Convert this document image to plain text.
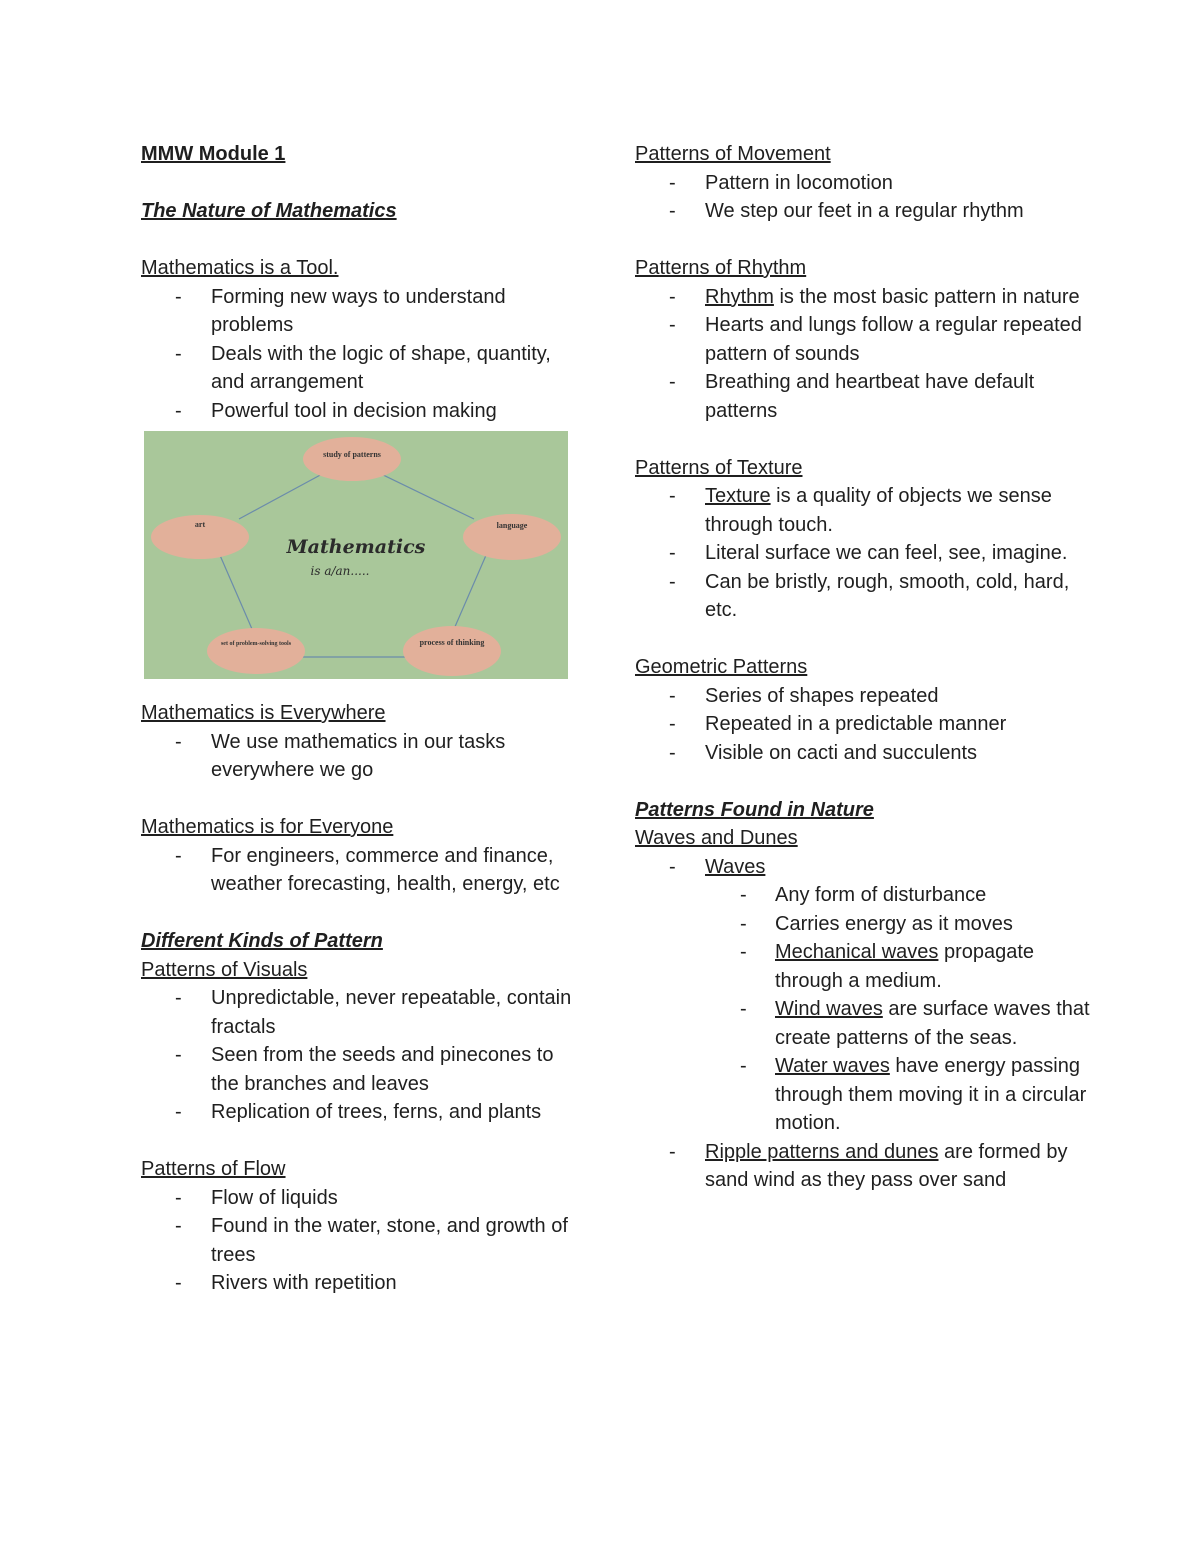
MMW Module 1
The Nature of Mathematics
Mathematics is a Tool.
- Forming new ways to understand problems
- Deals with the logic of shape, quantity, and arrangement
- Powerful tool in decision making
study of patterns
language
process of thinking
set of problem-solving tools
art
Mathematics
is a/an.....
Mathematics is Everywhere
- We use mathematics in our tasks everywhere we go
Mathematics is for Everyone
- For engineers, commerce and finance, weather forecasting, health, energy, etc
Different Kinds of Pattern
Patterns of Visuals
- Unpredictable, never repeatable, contain fractals
- Seen from the seeds and pinecones to the branches and leaves
- Replication of trees, ferns, and plants
Patterns of Flow
- Flow of liquids
- Found in the water, stone, and growth of trees
- Rivers with repetition
Patterns of Movement
- Pattern in locomotion
- We step our feet in a regular rhythm
Patterns of Rhythm
- Rhythm is the most basic pattern in nature
- Hearts and lungs follow a regular repeated pattern of sounds
- Breathing and heartbeat have default patterns
Patterns of Texture
- Texture is a quality of objects we sense through touch.
- Literal surface we can feel, see, imagine.
- Can be bristly, rough, smooth, cold, hard, etc.
Geometric Patterns
- Series of shapes repeated
- Repeated in a predictable manner
- Visible on cacti and succulents
Patterns Found in Nature
Waves and Dunes
- Waves
- Any form of disturbance
- Carries energy as it moves
- Mechanical waves propagate through a medium.
- Wind waves are surface waves that create patterns of the seas.
- Water waves have energy passing through them moving it in a circular motion.
- Ripple patterns and dunes are formed by sand wind as they pass over sand
